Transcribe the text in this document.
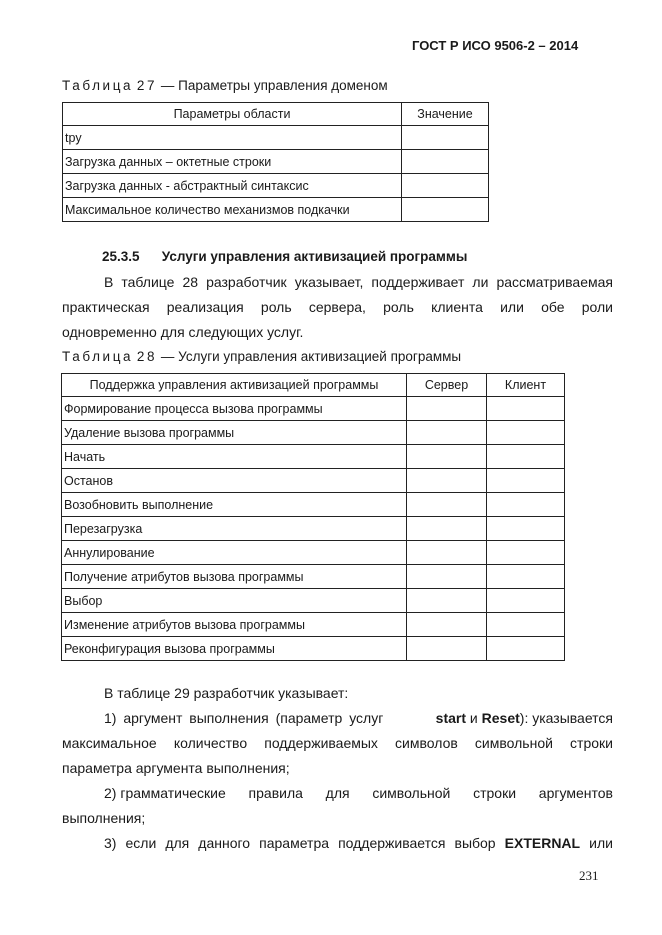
ГОСТ Р ИСО 9506-2 – 2014
Таблица 27 — Параметры управления доменом
Параметры области	Значение
tpy	
Загрузка данных – октетные строки	
Загрузка данных - абстрактный синтаксис	
Максимальное количество механизмов подкачки	
25.3.5 Услуги управления активизацией программы
В таблице 28 разработчик указывает, поддерживает ли рассматриваемая
практическая реализация роль сервера, роль клиента или обе роли
одновременно для следующих услуг.
Таблица 28 — Услуги управления активизацией программы
Поддержка управления активизацией программы	Сервер	Клиент
Формирование процесса вызова программы		
Удаление вызова программы		
Начать		
Останов		
Возобновить выполнение		
Перезагрузка		
Аннулирование		
Получение атрибутов вызова программы		
Выбор		
Изменение атрибутов вызова программы		
Реконфигурация вызова программы		
В таблице 29 разработчик указывает:
1) аргумент выполнения (параметр услуг	start и Reset): указывается
максимальное количество поддерживаемых символов символьной строки
параметра аргумента выполнения;
2) грамматические правила для символьной строки аргументов
выполнения;
3) если для данного параметра поддерживается выбор EXTERNAL или
231
